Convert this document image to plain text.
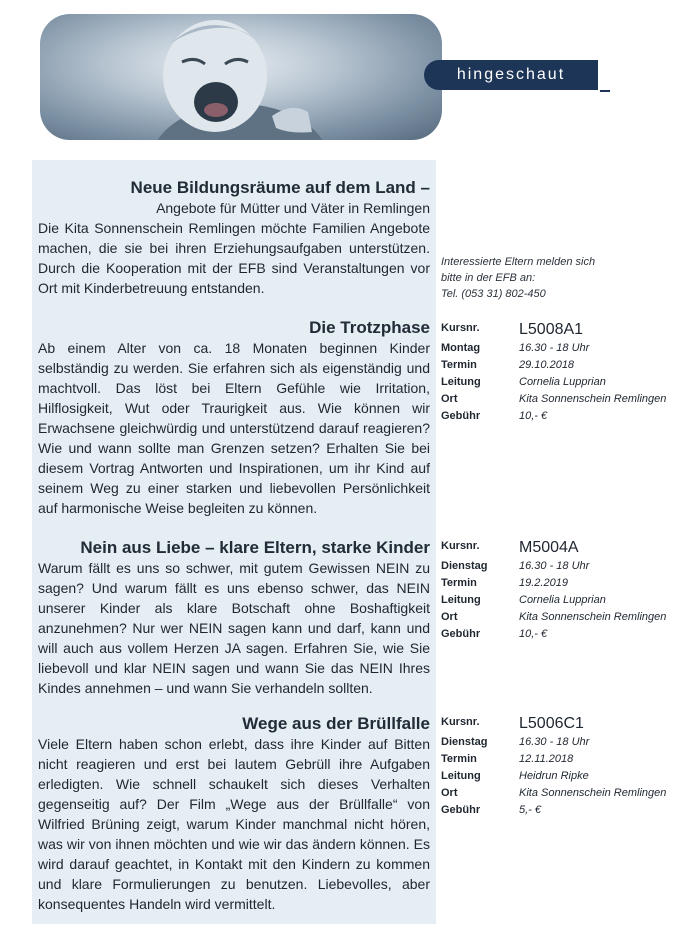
hingeschaut
Neue Bildungsräume auf dem Land –
Angebote für Mütter und Väter in Remlingen
Die Kita Sonnenschein Remlingen möchte Familien Angebote machen, die sie bei ihren Erziehungsaufgaben unterstützen. Durch die Kooperation mit der EFB sind Veranstaltungen vor Ort mit Kinderbetreuung entstanden.
Interessierte Eltern melden sich
bitte in der EFB an:
Tel. (053 31) 802-450
Die Trotzphase
Ab einem Alter von ca. 18 Monaten beginnen Kinder selbständig zu werden. Sie erfahren sich als eigenständig und machtvoll. Das löst bei Eltern Gefühle wie Irritation, Hilflosigkeit, Wut oder Traurigkeit aus. Wie können wir Erwachsene gleichwürdig und unterstützend darauf reagieren? Wie und wann sollte man Grenzen setzen? Erhalten Sie bei diesem Vortrag Antworten und Inspirationen, um ihr Kind auf seinem Weg zu einer starken und liebevollen Persönlichkeit auf harmonische Weise begleiten zu können.
Kursnr.	L5008A1
Montag	16.30 - 18 Uhr
Termin	29.10.2018
Leitung	Cornelia Lupprian
Ort	Kita Sonnenschein Remlingen
Gebühr	10,- €
Nein aus Liebe – klare Eltern, starke Kinder
Warum fällt es uns so schwer, mit gutem Gewissen NEIN zu sagen? Und warum fällt es uns ebenso schwer, das NEIN unserer Kinder als klare Botschaft ohne Boshaftigkeit anzunehmen? Nur wer NEIN sagen kann und darf, kann und will auch aus vollem Herzen JA sagen. Erfahren Sie, wie Sie liebevoll und klar NEIN sagen und wann Sie das NEIN Ihres Kindes annehmen – und wann Sie verhandeln sollten.
Kursnr.	M5004A
Dienstag	16.30 - 18 Uhr
Termin	19.2.2019
Leitung	Cornelia Lupprian
Ort	Kita Sonnenschein Remlingen
Gebühr	10,- €
Wege aus der Brüllfalle
Viele Eltern haben schon erlebt, dass ihre Kinder auf Bitten nicht reagieren und erst bei lautem Gebrüll ihre Aufgaben erledigten. Wie schnell schaukelt sich dieses Verhalten gegenseitig auf? Der Film „Wege aus der Brüllfalle“ von Wilfried Brüning zeigt, warum Kinder manchmal nicht hören, was wir von ihnen möchten und wie wir das ändern können. Es wird darauf geachtet, in Kontakt mit den Kindern zu kommen und klare Formulierungen zu benutzen. Liebevolles, aber konsequentes Handeln wird vermittelt.
Kursnr.	L5006C1
Dienstag	16.30 - 18 Uhr
Termin	12.11.2018
Leitung	Heidrun Ripke
Ort	Kita Sonnenschein Remlingen
Gebühr	5,- €
